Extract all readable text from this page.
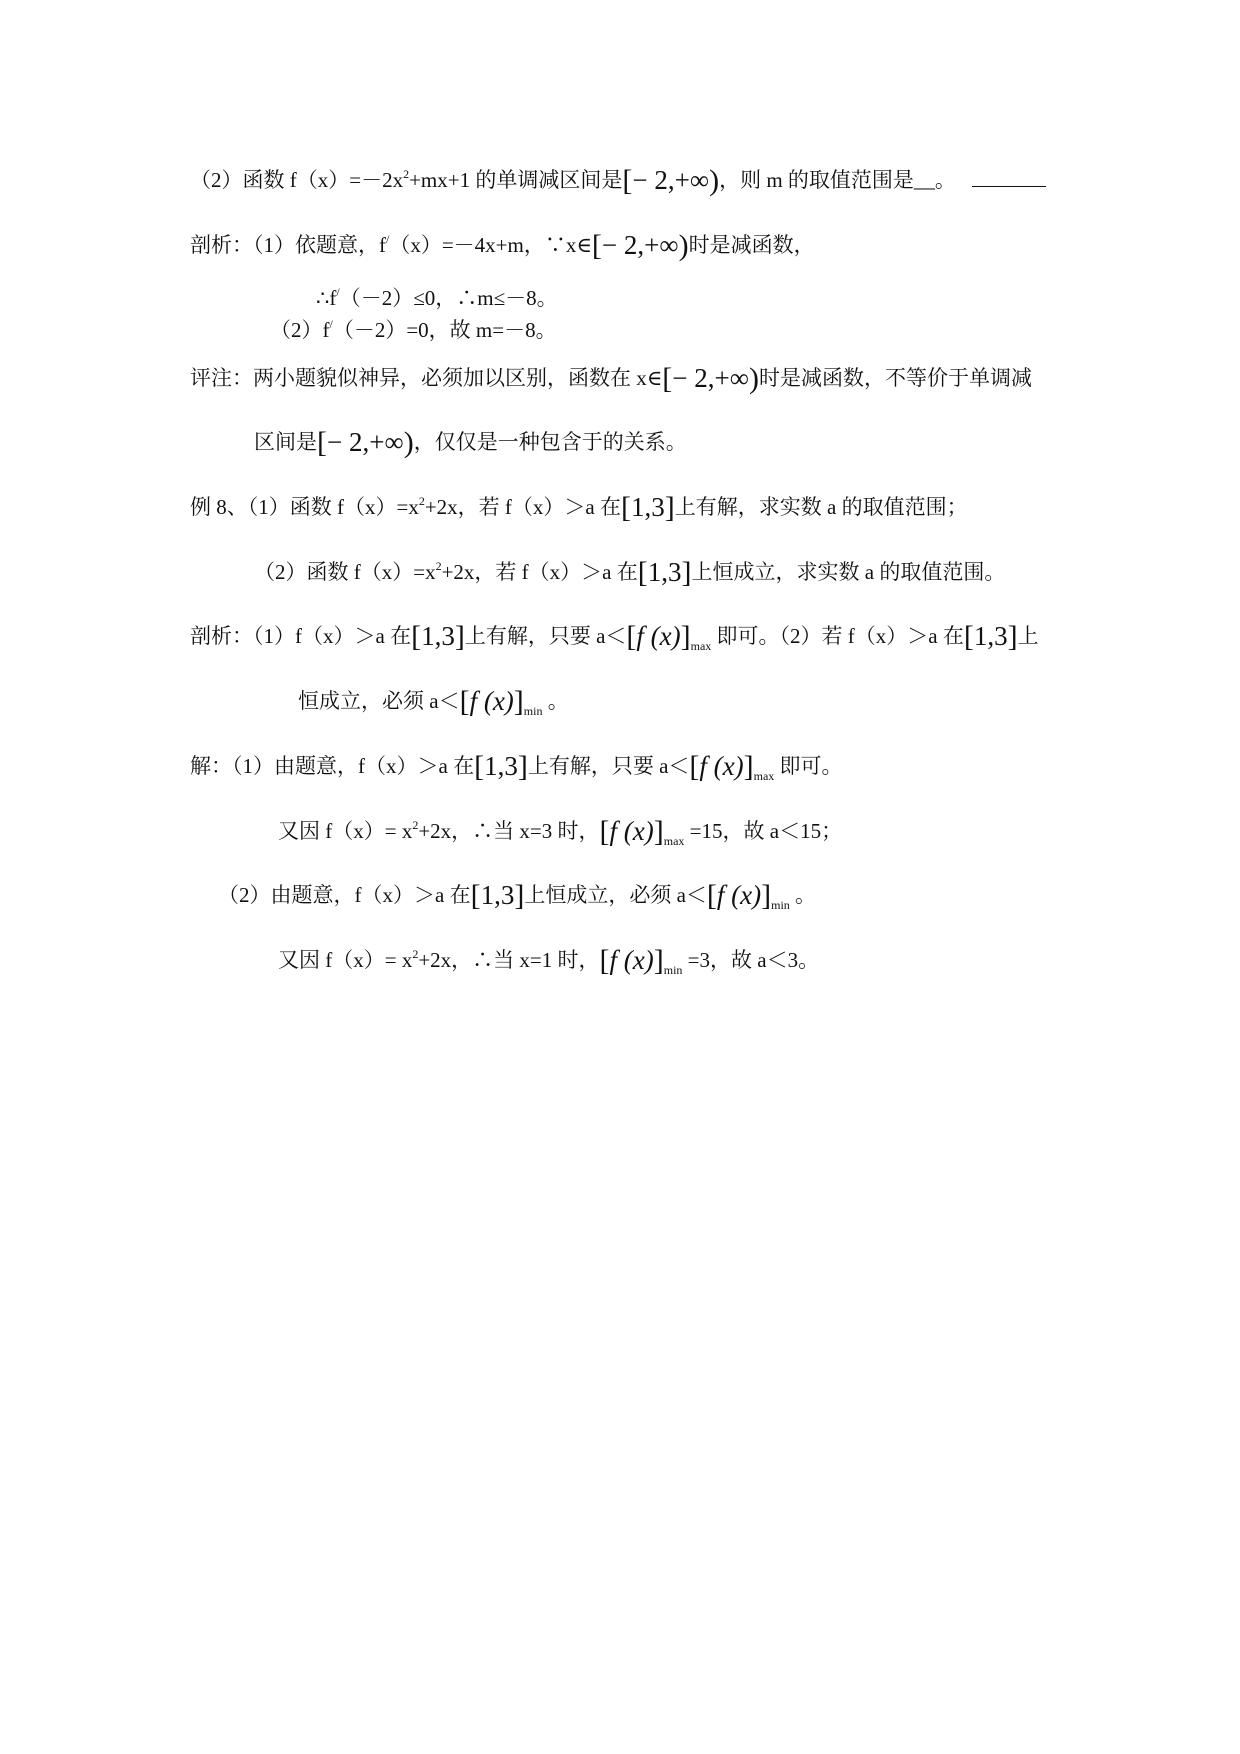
（2）函数 $f(x)=-2x^2+mx+1$ 的单调减区间是[− 2,+∞)，则 m 的取值范围是__。
剖析：（1）依题意，f/（x）=－4x+m，∵x∈[− 2,+∞)时是减函数，
∴f/（－2）≤0，∴m≤－8。
（2）f/（－2）=0，故 m=－8。
评注：两小题貌似神异，必须加以区别，函数在 x∈[− 2,+∞)时是减函数，不等价于单调减
区间是[− 2,+∞)，仅仅是一种包含于的关系。
例 8、（1）函数 $f(x)=x^2+2x$，若 f（x）＞a 在[1,3]上有解，求实数 a 的取值范围；
（2）函数 $f(x)=x^2+2x$，若 f（x）＞a 在[1,3]上恒成立，求实数 a 的取值范围。
剖析：（1）f（x）＞a 在[1,3]上有解，只要 a＜[f $(x)]_{max}$ 即可。（2）若 f（x）＞a 在[1,3]上
恒成立，必须 a＜[f $(x)]_{min}$ 。
解：（1）由题意，f（x）＞a 在[1,3]上有解，只要 a＜[f $(x)]_{max}$ 即可。
又因 $f(x)= x^2+2x$，∴当 x=3 时，[f $(x)]_{max} =15$，故 a＜15；
（2）由题意，f（x）＞a 在[1,3]上恒成立，必须 a＜[f $(x)]_{min}$ 。
又因 $f(x)= x^2+2x$，∴当 x=1 时，[f $(x)]_{min} =3$，故 a＜3。
